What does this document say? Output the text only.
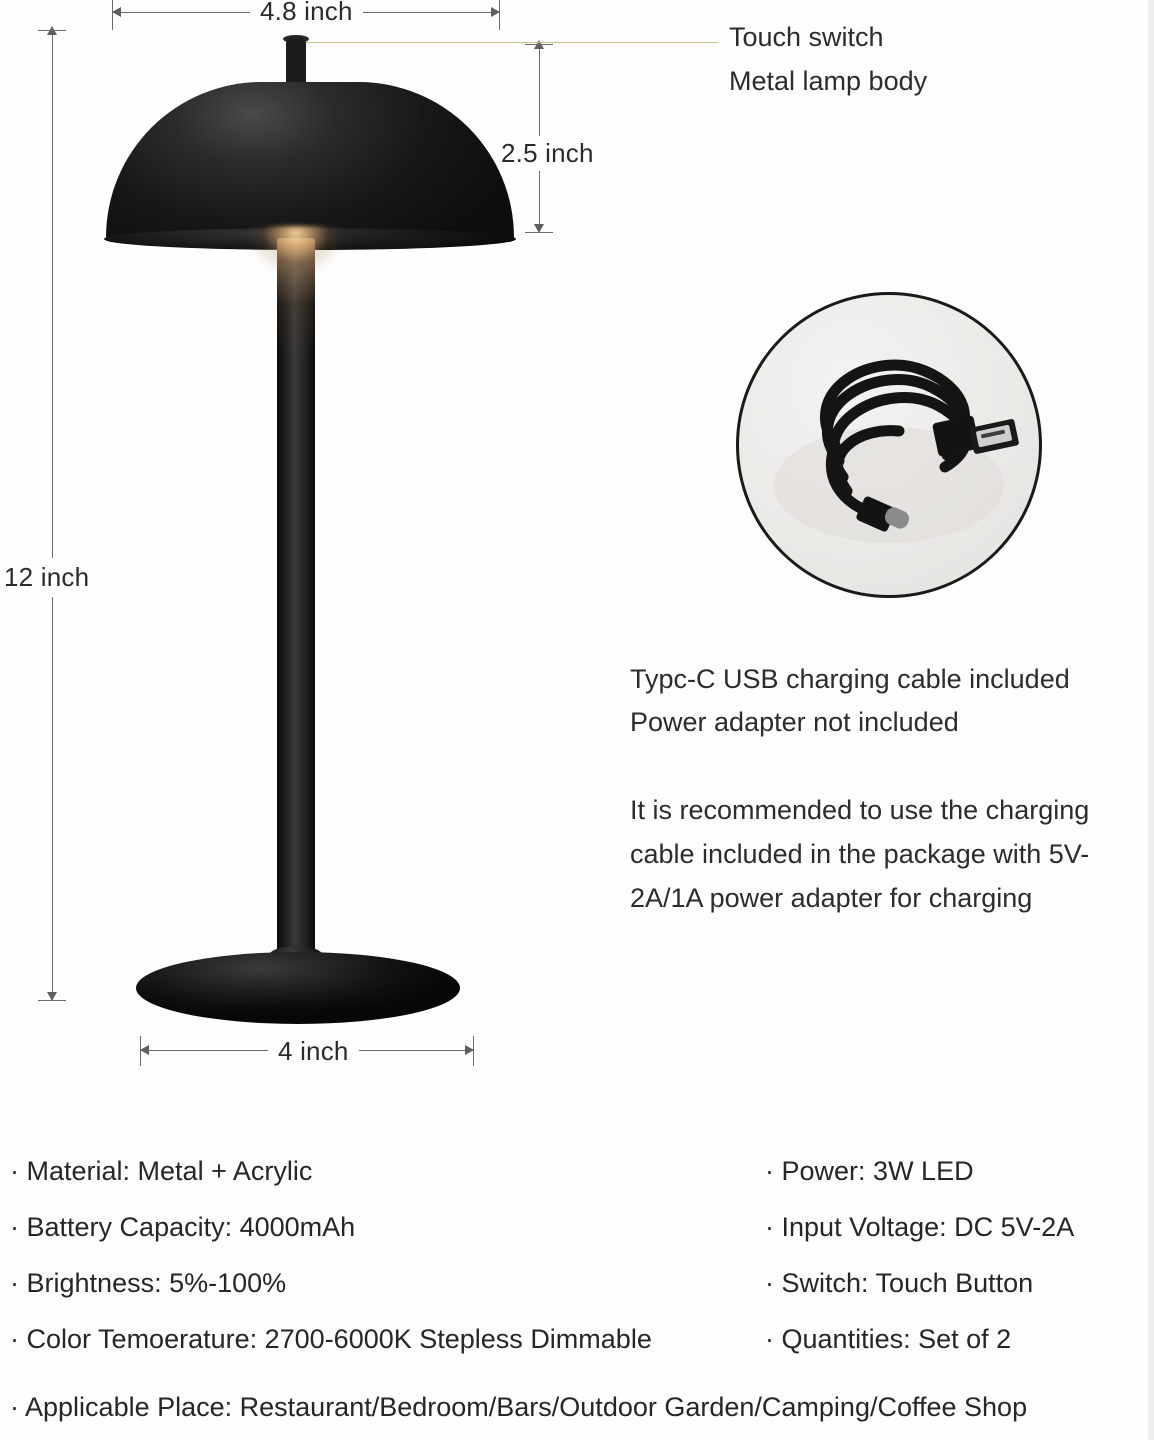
4.8 inch
12 inch
2.5 inch
4 inch
Touch switch
Metal lamp body
Typc-C USB charging cable included
Power adapter not included
It is recommended to use the charging cable included in the package with 5V-2A/1A power adapter for charging
· Material: Metal + Acrylic
· Battery Capacity: 4000mAh
· Brightness: 5%-100%
· Color Temoerature: 2700-6000K Stepless Dimmable
· Power: 3W LED
· Input Voltage: DC 5V-2A
· Switch: Touch Button
· Quantities: Set of 2
· Applicable Place: Restaurant/Bedroom/Bars/Outdoor Garden/Camping/Coffee Shop
